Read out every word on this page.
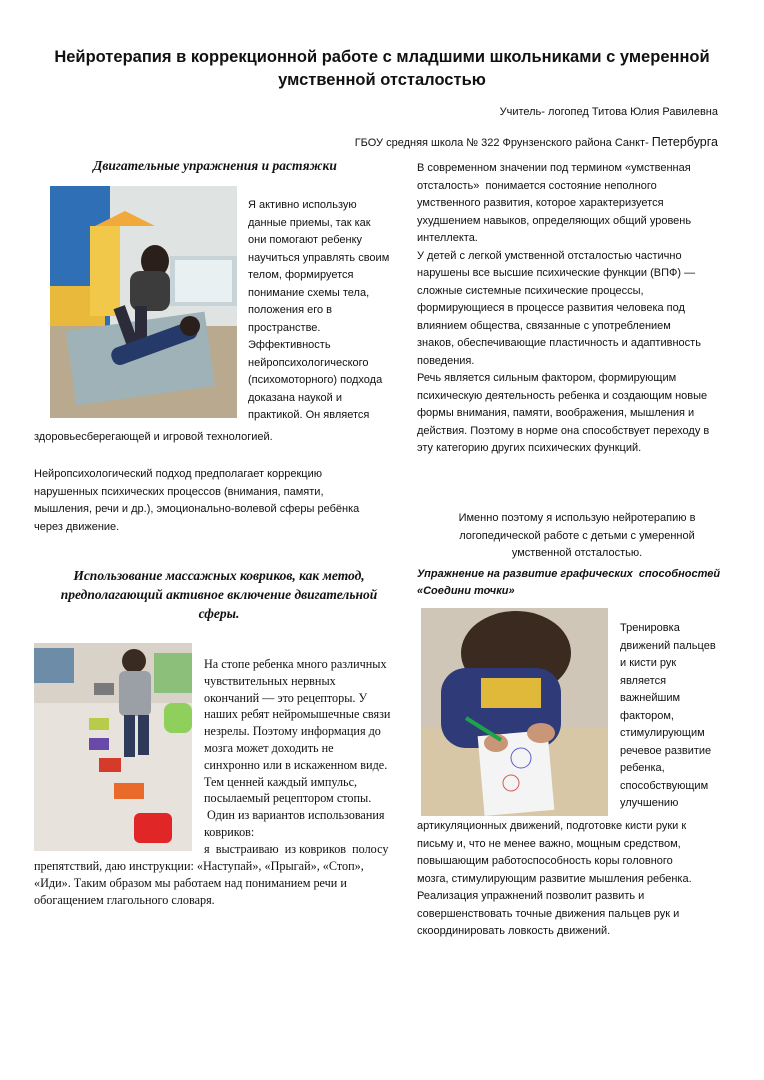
Нейротерапия в коррекционной работе с младшими школьниками с умеренной умственной отсталостью
Учитель- логопед Титова Юлия Равилевна
ГБОУ средняя школа № 322 Фрунзенского района Санкт- Петербурга
Двигательные упражнения и растяжки
Я активно использую
данные приемы, так как
они помогают ребенку
научиться управлять своим
телом, формируется
понимание схемы тела,
положения его в
пространстве.
Эффективность
нейропсихологического
(психомоторного) подхода
доказана наукой и
практикой. Он является
здоровьесберегающей и игровой технологией.
Нейропсихологический подход предполагает коррекцию
нарушенных психических процессов (внимания, памяти,
мышления, речи и др.), эмоционально-волевой сферы ребёнка
через движение.
Использование массажных ковриков, как метод,
предполагающий активное включение двигательной
сферы.
На стопе ребенка много различных
чувствительных нервных
окончаний — это рецепторы. У
наших ребят нейромышечные связи
незрелы. Поэтому информация до
мозга может доходить не
синхронно или в искаженном виде.
Тем ценней каждый импульс,
посылаемый рецептором стопы.
Один из вариантов использования
ковриков:
я  выстраиваю  из ковриков  полосу
препятствий, даю инструкции: «Наступай», «Прыгай», «Стоп»,
«Иди». Таким образом мы работаем над пониманием речи и
обогащением глагольного словаря.
В современном значении под термином «умственная
отсталость»  понимается состояние неполного
умственного развития, которое характеризуется
ухудшением навыков, определяющих общий уровень
интеллекта.
У детей с легкой умственной отсталостью частично
нарушены все высшие психические функции (ВПФ) —
сложные системные психические процессы,
формирующиеся в процессе развития человека под
влиянием общества, связанные с употреблением
знаков, обеспечивающие пластичность и адаптивность
поведения.
Речь является сильным фактором, формирующим
психическую деятельность ребенка и создающим новые
формы внимания, памяти, воображения, мышления и
действия. Поэтому в норме она способствует переходу в
эту категорию других психических функций.
Именно поэтому я использую нейротерапию в
логопедической работе с детьми с умеренной
умственной отсталостью.
Упражнение на развитие графических  способностей
«Соедини точки»
Тренировка
движений пальцев
и кисти рук
является
важнейшим
фактором,
стимулирующим
речевое развитие
ребенка,
способствующим
улучшению
артикуляционных движений, подготовке кисти руки к
письму и, что не менее важно, мощным средством,
повышающим работоспособность коры головного
мозга, стимулирующим развитие мышления ребенка.
Реализация упражнений позволит развить и
совершенствовать точные движения пальцев рук и
скоординировать ловкость движений.
